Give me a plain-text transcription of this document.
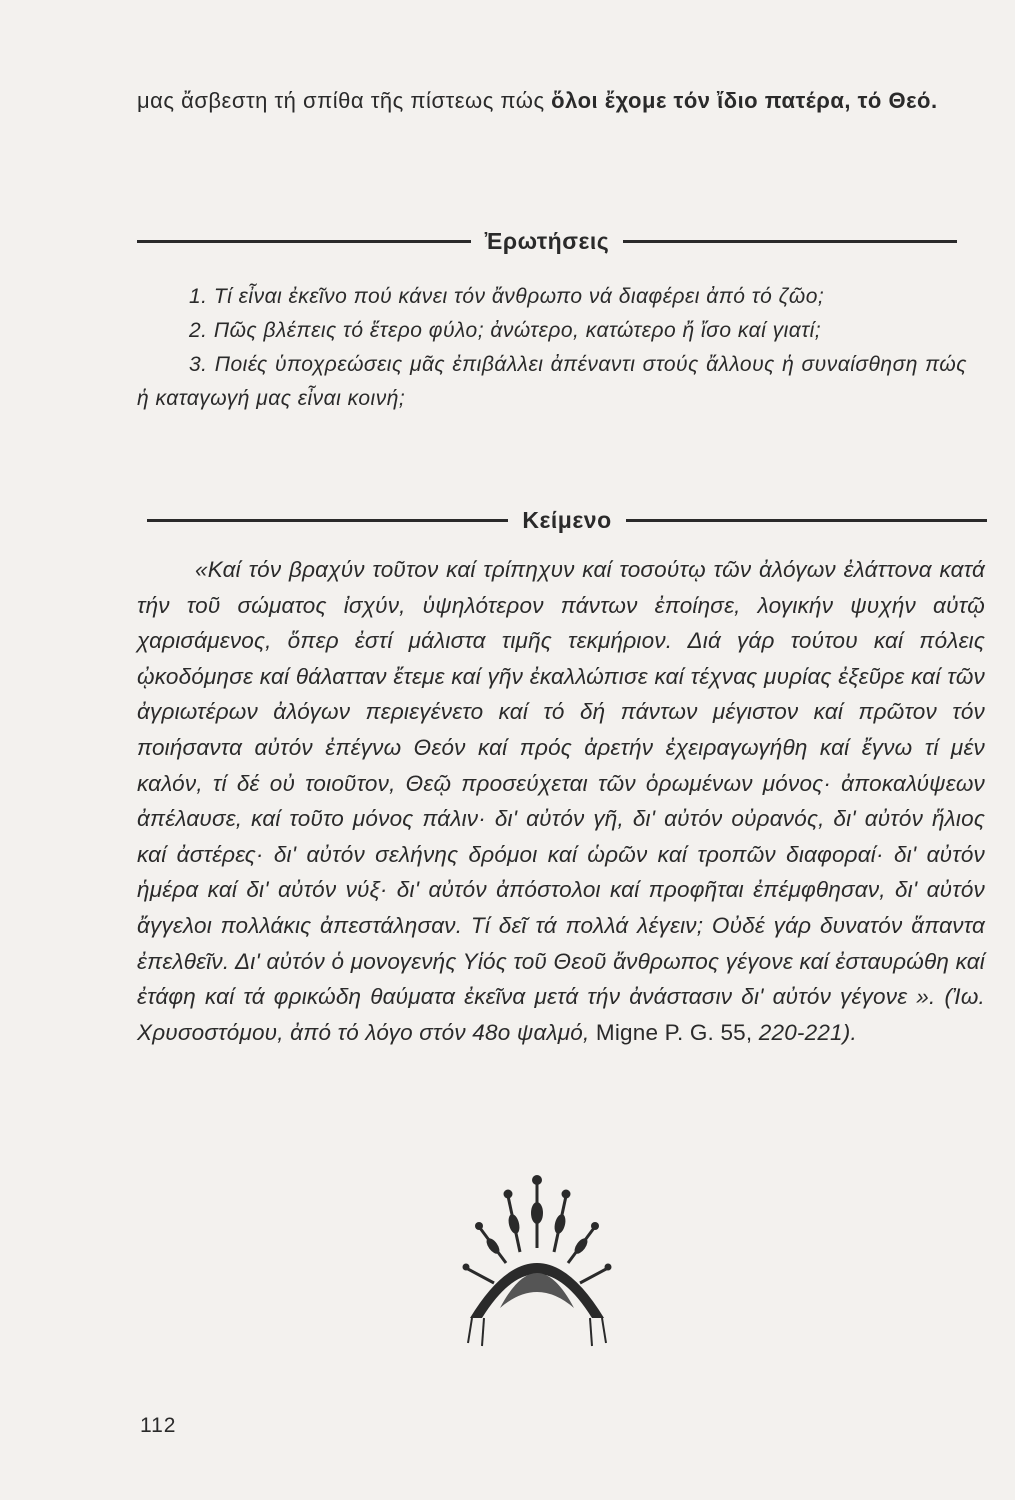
μας ἄσβεστη τή σπίθα τῆς πίστεως πώς ὅλοι ἔχομε τόν ἴδιο πατέρα, τό Θεό.

Ἐρωτήσεις

1. Τί εἶναι ἐκεῖνο πού κάνει τόν ἄνθρωπο νά διαφέρει ἀπό τό ζῶο;

2. Πῶς βλέπεις τό ἕτερο φύλο; ἀνώτερο, κατώτερο ἤ ἴσο καί γιατί;

3. Ποιές ὑποχρεώσεις μᾶς ἐπιβάλλει ἀπέναντι στούς ἄλλους ἡ συναίσθηση πώς ἡ καταγωγή μας εἶναι κοινή;

Κείμενο

«Καί τόν βραχύν τοῦτον καί τρίπηχυν καί τοσούτῳ τῶν ἀλόγων ἐλάττονα κατά τήν τοῦ σώματος ἰσχύν, ὑψηλότερον πάντων ἐποίησε, λογικήν ψυχήν αὐτῷ χαρισάμενος, ὅπερ ἐστί μάλιστα τιμῆς τεκμήριον. Διά γάρ τούτου καί πόλεις ᾠκοδόμησε καί θάλατταν ἔτεμε καί γῆν ἐκαλλώπισε καί τέχνας μυρίας ἐξεῦρε καί τῶν ἀγριωτέρων ἀλόγων περιεγένετο καί τό δή πάντων μέγιστον καί πρῶτον τόν ποιήσαντα αὐτόν ἐπέγνω Θεόν καί πρός ἀρετήν ἐχειραγωγήθη καί ἔγνω τί μέν καλόν, τί δέ οὐ τοιοῦτον, Θεῷ προσεύχεται τῶν ὁρωμένων μόνος· ἀποκαλύψεων ἀπέλαυσε, καί τοῦτο μόνος πάλιν· δι' αὐτόν γῆ, δι' αὐτόν οὐρανός, δι' αὐτόν ἥλιος καί ἀστέρες· δι' αὐτόν σελήνης δρόμοι καί ὡρῶν καί τροπῶν διαφοραί· δι' αὐτόν ἡμέρα καί δι' αὐτόν νύξ· δι' αὐτόν ἀπόστολοι καί προφῆται ἐπέμφθησαν, δι' αὐτόν ἄγγελοι πολλάκις ἀπεστάλησαν. Τί δεῖ τά πολλά λέγειν; Οὐδέ γάρ δυνατόν ἅπαντα ἐπελθεῖν. Δι' αὐτόν ὁ μονογενής Υἱός τοῦ Θεοῦ ἄνθρωπος γέγονε καί ἐσταυρώθη καί ἐτάφη καί τά φρικώδη θαύματα ἐκεῖνα μετά τήν ἀνάστασιν δι' αὐτόν γέγονε ». (Ἰω. Χρυσοστόμου, ἀπό τό λόγο στόν 48ο ψαλμό, Migne P. G. 55, 220-221).

112
